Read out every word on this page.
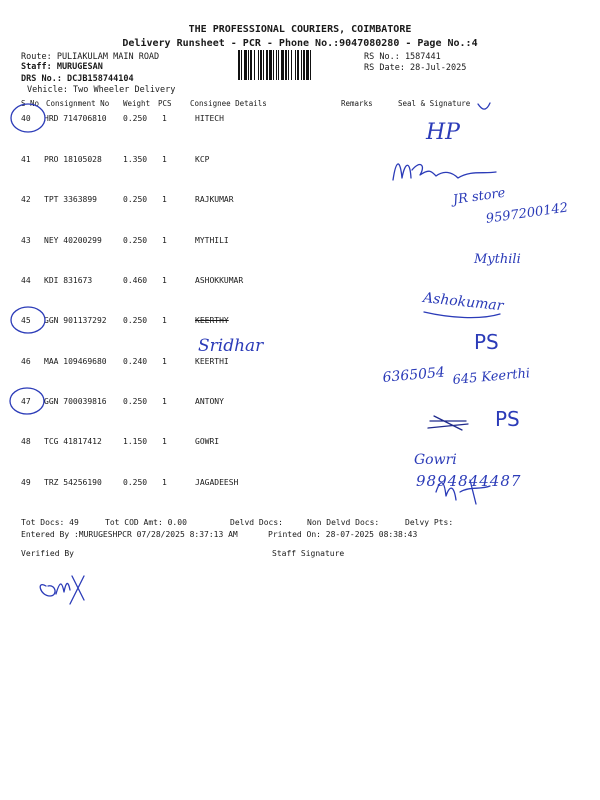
THE PROFESSIONAL COURIERS, COIMBATORE
Delivery Runsheet - PCR - Phone No.:9047080280 - Page No.:4
Route: PULIAKULAM MAIN ROAD
Staff: MURUGESAN
DRS No.: DCJB158744104
Vehicle: Two Wheeler Delivery
RS No.: 1587441
RS Date: 28-Jul-2025
S No Consignment No Weight PCS Consignee Details	Remarks	Seal & Signature
40 HRD 714706810 0.250 1	HITECH
41 PRO 18105028	1.350 1	KCP
42 TPT 3363899	0.250 1	RAJKUMAR
43 NEY 40200299	0.250 1	MYTHILI
44 KDI 831673	0.460 1	ASHOKKUMAR
45 GGN 901137292 0.250 1	KEERTHY
46 MAA 109469680 0.240 1	KEERTHI
47 GGN 700039816 0.250 1	ANTONY
48 TCG 41817412	1.150 1	GOWRI
49 TRZ 54256190	0.250 1	JAGADEESH
Tot Docs: 49	Tot COD Amt: 0.00	Delvd Docs:	Non Delvd Docs:	Delvy Pts:
Entered By :MURUGESHPCR 07/28/2025 8:37:13 AM	Printed On: 28-07-2025 08:38:43
Verified By	Staff Signature
Sridhar
JR store
9597200142
Mythili
Ashokumar
6365054 645 Keerthi
PS
PS
Gowri
9894844487
HP
